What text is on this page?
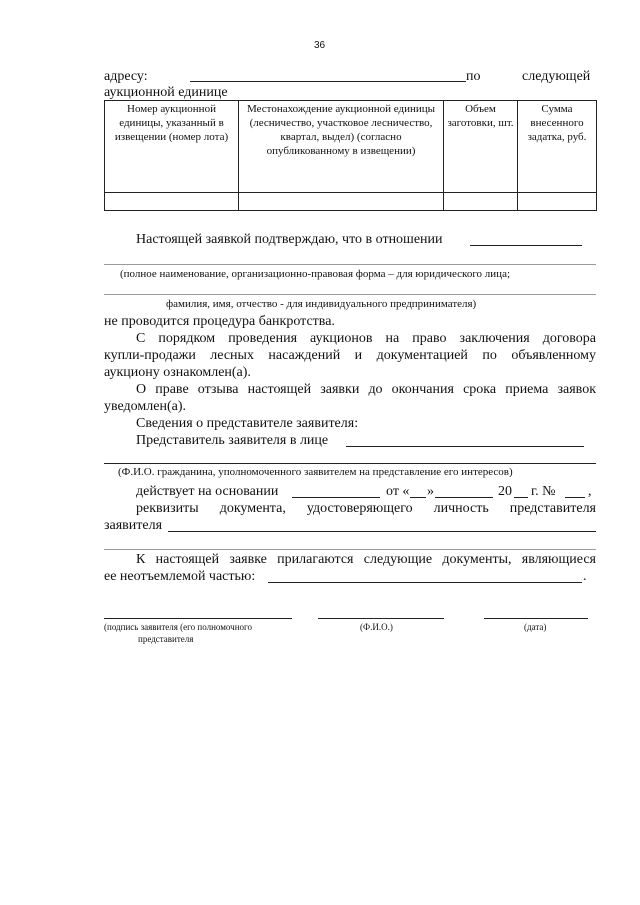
36
адресу:	по	следующей
аукционной единице
Номер аукционной единицы, указанный в извещении (номер лота)	Местонахождение аукционной единицы (лесничество, участковое лесничество, квартал, выдел) (согласно опубликованному в извещении)	Объем заготовки, шт.	Сумма внесенного задатка, руб.

Настоящей заявкой подтверждаю, что в отношении
(полное наименование, организационно-правовая форма – для юридического лица;
фамилия, имя, отчество - для индивидуального предпринимателя)
не проводится процедура банкротства.
С порядком проведения аукционов на право заключения договора
купли-продажи лесных насаждений и документацией по объявленному
аукциону ознакомлен(а).
О праве отзыва настоящей заявки до окончания срока приема заявок
уведомлен(а).
Сведения о представителе заявителя:
Представитель заявителя в лице
(Ф.И.О. гражданина, уполномоченного заявителем на представление его интересов)
действует на основании	от « »	20 г. № ,
реквизиты документа, удостоверяющего личность представителя
заявителя
К настоящей заявке прилагаются следующие документы, являющиеся
ее неотъемлемой частью:	.
(подпись заявителя (его полномочного
представителя
(Ф.И.О.)	(дата)
